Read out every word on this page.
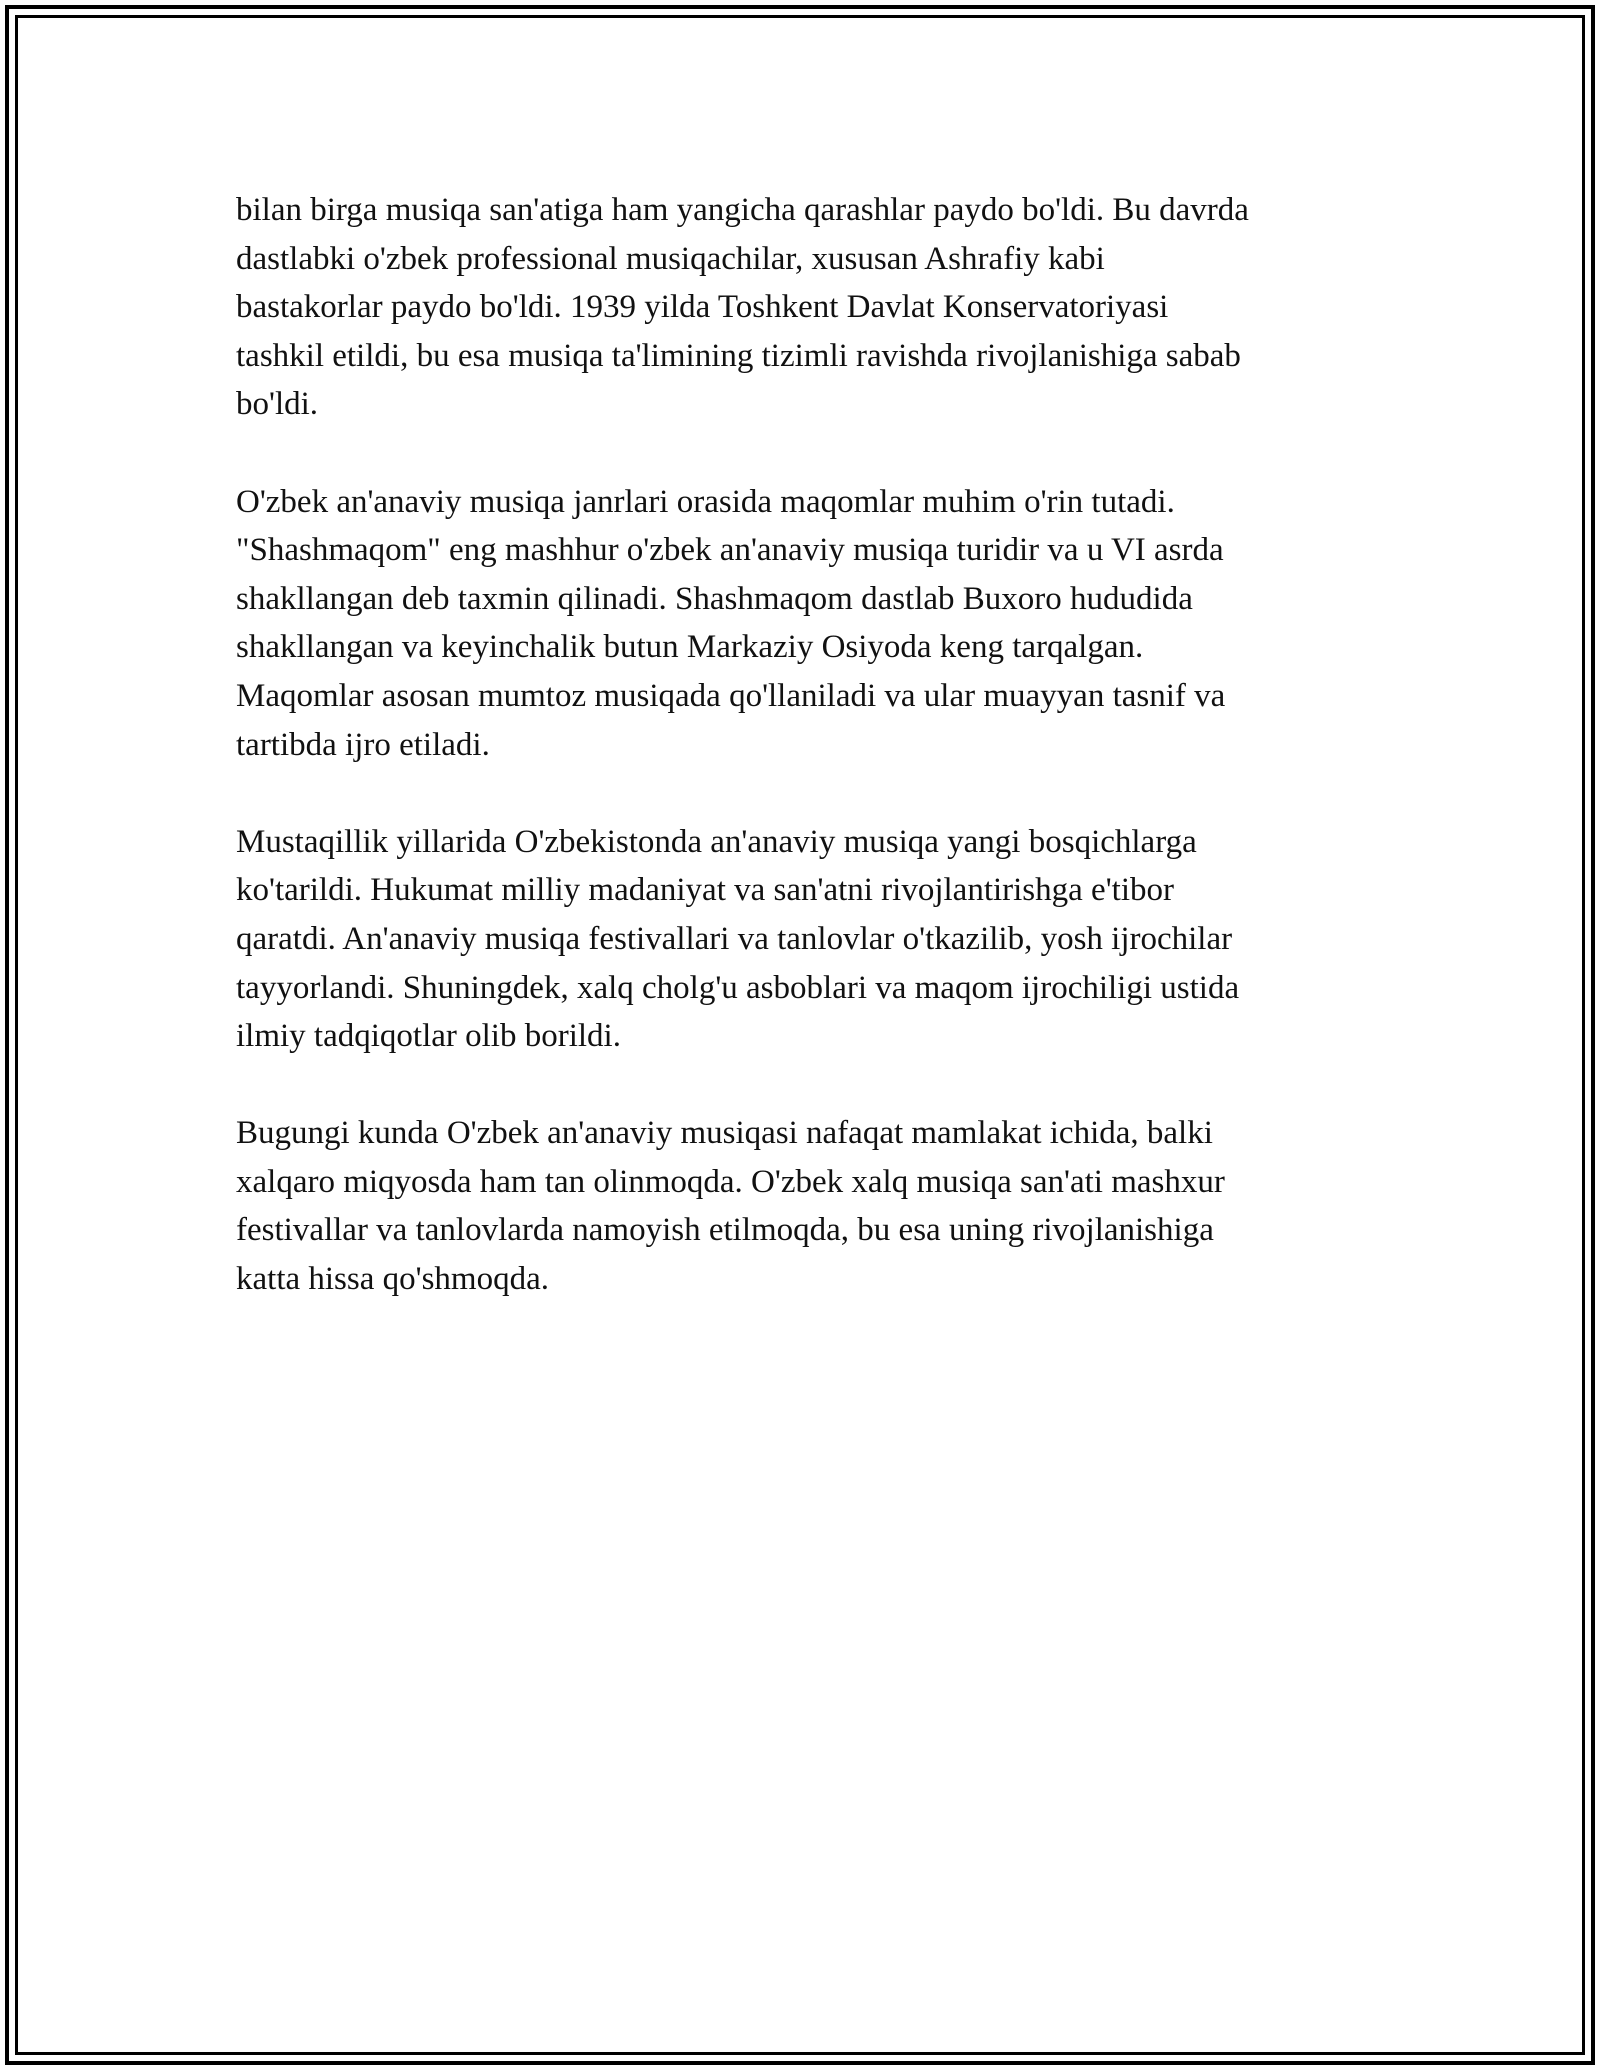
bilan birga musiqa san'atiga ham yangicha qarashlar paydo bo'ldi. Bu davrda
dastlabki o'zbek professional musiqachilar, xususan Ashrafiy kabi
bastakorlar paydo bo'ldi. 1939 yilda Toshkent Davlat Konservatoriyasi
tashkil etildi, bu esa musiqa ta'limining tizimli ravishda rivojlanishiga sabab
bo'ldi.

O'zbek an'anaviy musiqa janrlari orasida maqomlar muhim o'rin tutadi.
"Shashmaqom" eng mashhur o'zbek an'anaviy musiqa turidir va u VI asrda
shakllangan deb taxmin qilinadi. Shashmaqom dastlab Buxoro hududida
shakllangan va keyinchalik butun Markaziy Osiyoda keng tarqalgan.
Maqomlar asosan mumtoz musiqada qo'llaniladi va ular muayyan tasnif va
tartibda ijro etiladi.

Mustaqillik yillarida O'zbekistonda an'anaviy musiqa yangi bosqichlarga
ko'tarildi. Hukumat milliy madaniyat va san'atni rivojlantirishga e'tibor
qaratdi. An'anaviy musiqa festivallari va tanlovlar o'tkazilib, yosh ijrochilar
tayyorlandi. Shuningdek, xalq cholg'u asboblari va maqom ijrochiligi ustida
ilmiy tadqiqotlar olib borildi.

Bugungi kunda O'zbek an'anaviy musiqasi nafaqat mamlakat ichida, balki
xalqaro miqyosda ham tan olinmoqda. O'zbek xalq musiqa san'ati mashxur
festivallar va tanlovlarda namoyish etilmoqda, bu esa uning rivojlanishiga
katta hissa qo'shmoqda.
